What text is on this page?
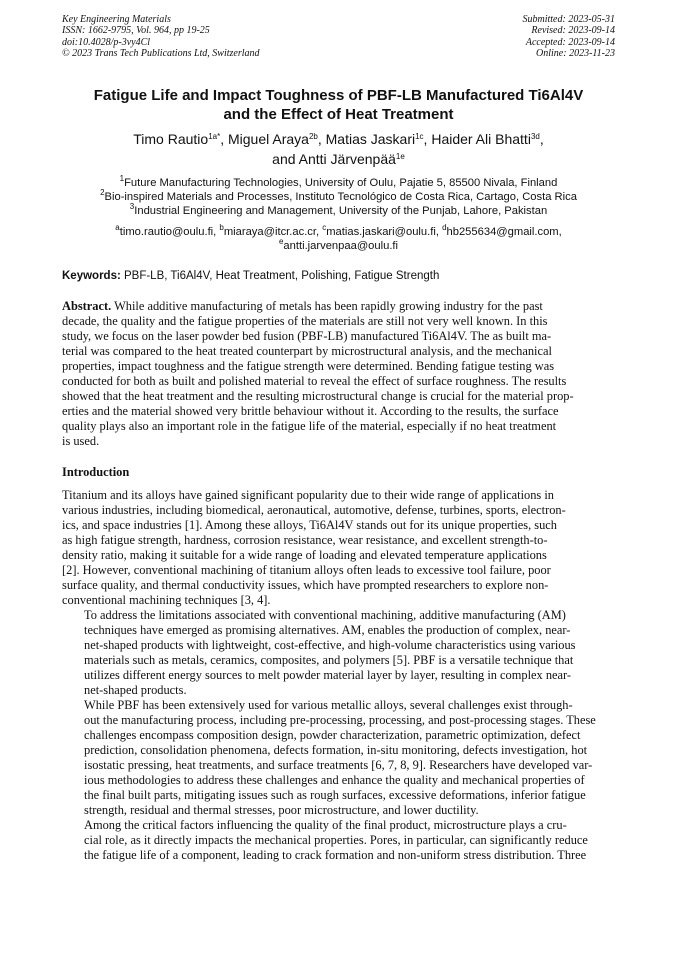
Key Engineering Materials
ISSN: 1662-9795, Vol. 964, pp 19-25
doi:10.4028/p-3vy4Cl
© 2023 Trans Tech Publications Ltd, Switzerland
Submitted: 2023-05-31
Revised: 2023-09-14
Accepted: 2023-09-14
Online: 2023-11-23
Fatigue Life and Impact Toughness of PBF-LB Manufactured Ti6Al4V
and the Effect of Heat Treatment
Timo Rautio$^{1a*}$, Miguel Araya$^{2b}$, Matias Jaskari$^{1c}$, Haider Ali Bhatti$^{3d}$,
and Antti Järvenpää$^{1e}$
$^1$Future Manufacturing Technologies, University of Oulu, Pajatie 5, 85500 Nivala, Finland
$^2$Bio-inspired Materials and Processes, Instituto Tecnológico de Costa Rica, Cartago, Costa Rica
$^3$Industrial Engineering and Management, University of the Punjab, Lahore, Pakistan
$^a$timo.rautio@oulu.fi, $^b$miaraya@itcr.ac.cr, $^c$matias.jaskari@oulu.fi, $^d$hb255634@gmail.com,
$^e$antti.jarvenpaa@oulu.fi
Keywords: PBF-LB, Ti6Al4V, Heat Treatment, Polishing, Fatigue Strength
Abstract. While additive manufacturing of metals has been rapidly growing industry for the past
decade, the quality and the fatigue properties of the materials are still not very well known. In this
study, we focus on the laser powder bed fusion (PBF-LB) manufactured Ti6Al4V. The as built ma-
terial was compared to the heat treated counterpart by microstructural analysis, and the mechanical
properties, impact toughness and the fatigue strength were determined. Bending fatigue testing was
conducted for both as built and polished material to reveal the effect of surface roughness. The results
showed that the heat treatment and the resulting microstructural change is crucial for the material prop-
erties and the material showed very brittle behaviour without it. According to the results, the surface
quality plays also an important role in the fatigue life of the material, especially if no heat treatment
is used.
Introduction
Titanium and its alloys have gained significant popularity due to their wide range of applications in
various industries, including biomedical, aeronautical, automotive, defense, turbines, sports, electron-
ics, and space industries [1]. Among these alloys, Ti6Al4V stands out for its unique properties, such
as high fatigue strength, hardness, corrosion resistance, wear resistance, and excellent strength-to-
density ratio, making it suitable for a wide range of loading and elevated temperature applications
[2]. However, conventional machining of titanium alloys often leads to excessive tool failure, poor
surface quality, and thermal conductivity issues, which have prompted researchers to explore non-
conventional machining techniques [3, 4].
To address the limitations associated with conventional machining, additive manufacturing (AM)
techniques have emerged as promising alternatives. AM, enables the production of complex, near-
net-shaped products with lightweight, cost-effective, and high-volume characteristics using various
materials such as metals, ceramics, composites, and polymers [5]. PBF is a versatile technique that
utilizes different energy sources to melt powder material layer by layer, resulting in complex near-
net-shaped products.
While PBF has been extensively used for various metallic alloys, several challenges exist through-
out the manufacturing process, including pre-processing, processing, and post-processing stages. These
challenges encompass composition design, powder characterization, parametric optimization, defect
prediction, consolidation phenomena, defects formation, in-situ monitoring, defects investigation, hot
isostatic pressing, heat treatments, and surface treatments [6, 7, 8, 9]. Researchers have developed var-
ious methodologies to address these challenges and enhance the quality and mechanical properties of
the final built parts, mitigating issues such as rough surfaces, excessive deformations, inferior fatigue
strength, residual and thermal stresses, poor microstructure, and lower ductility.
Among the critical factors influencing the quality of the final product, microstructure plays a cru-
cial role, as it directly impacts the mechanical properties. Pores, in particular, can significantly reduce
the fatigue life of a component, leading to crack formation and non-uniform stress distribution. Three
